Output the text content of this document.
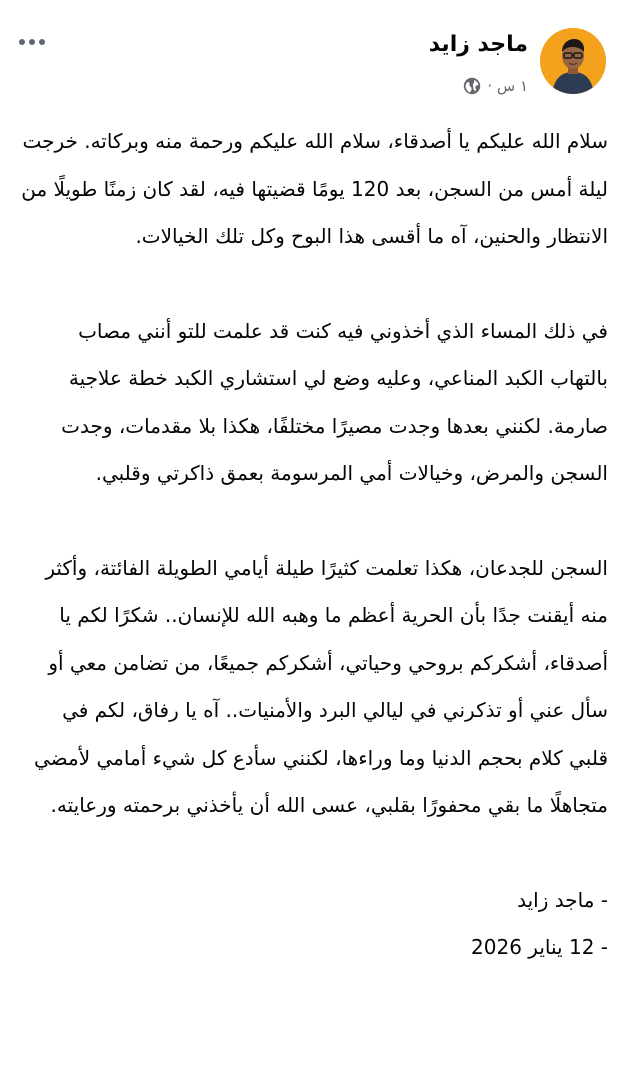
ماجد زايد
١ س ·

سلام الله عليكم يا أصدقاء، سلام الله عليكم ورحمة منه وبركاته. خرجت ليلة أمس من السجن، بعد 120 يومًا قضيتها فيه، لقد كان زمنًا طويلًا من الانتظار والحنين، آه ما أقسى هذا البوح وكل تلك الخيالات.

في ذلك المساء الذي أخذوني فيه كنت قد علمت للتو أنني مصاب بالتهاب الكبد المناعي، وعليه وضع لي استشاري الكبد خطة علاجية صارمة. لكنني بعدها وجدت مصيرًا مختلفًا، هكذا بلا مقدمات، وجدت السجن والمرض، وخيالات أمي المرسومة بعمق ذاكرتي وقلبي.

السجن للجدعان، هكذا تعلمت كثيرًا طيلة أيامي الطويلة الفائتة، وأكثر منه أيقنت جدًا بأن الحرية أعظم ما وهبه الله للإنسان.. شكرًا لكم يا أصدقاء، أشكركم بروحي وحياتي، أشكركم جميعًا، من تضامن معي أو سأل عني أو تذكرني في ليالي البرد والأمنيات.. آه يا رفاق، لكم في قلبي كلام بحجم الدنيا وما وراءها، لكنني سأدع كل شيء أمامي لأمضي متجاهلًا ما بقي محفورًا بقلبي، عسى الله أن يأخذني برحمته ورعايته.

- ماجد زايد

- 12 يناير 2026
